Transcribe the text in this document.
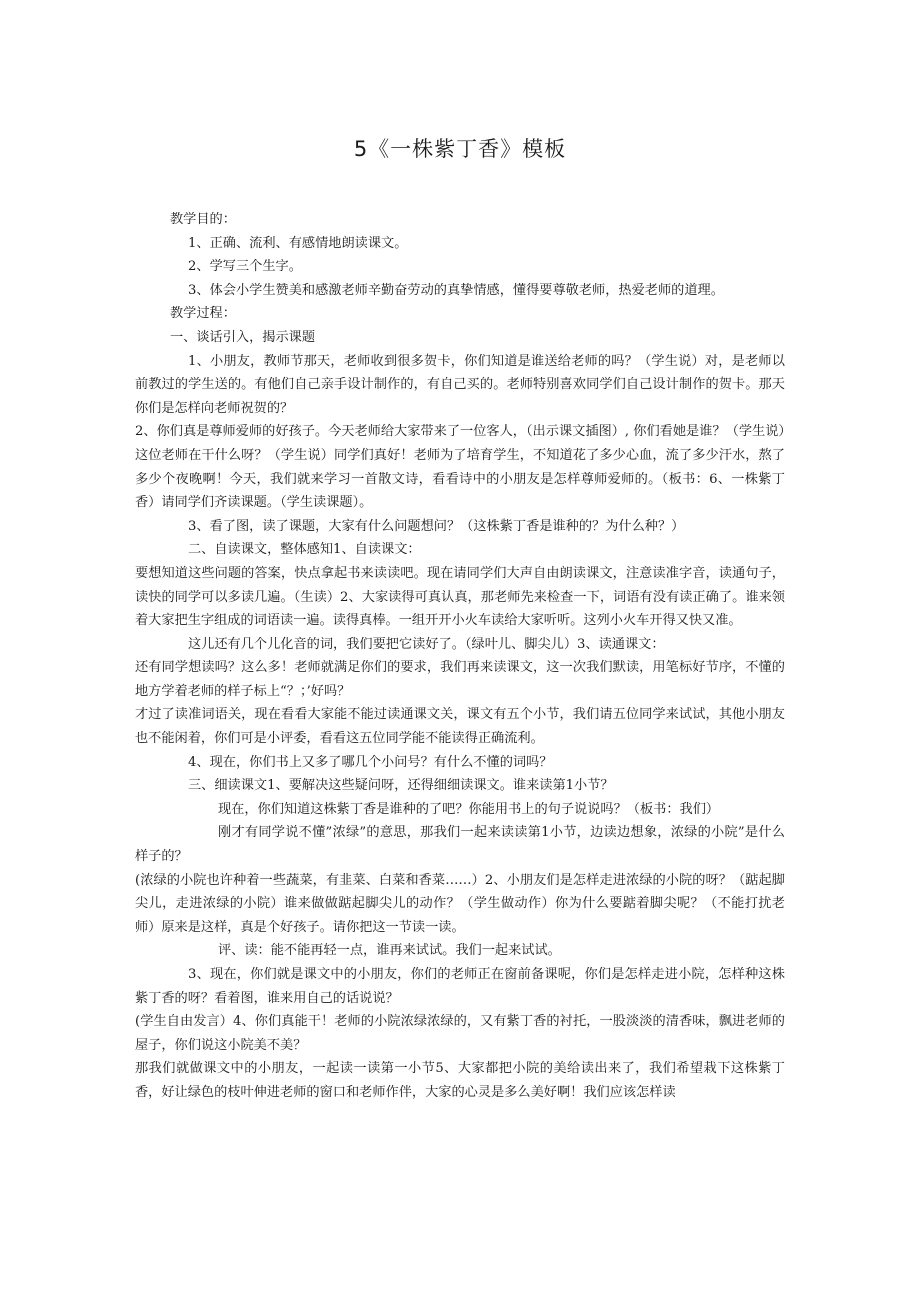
5《一株紫丁香》模板

教学目的：

1、正确、流利、有感情地朗读课文。

2、学写三个生字。

3、体会小学生赞美和感激老师辛勤奋劳动的真挚情感，懂得要尊敬老师，热爱老师的道理。

教学过程：

一、谈话引入，揭示课题

1、小朋友，教师节那天，老师收到很多贺卡，你们知道是谁送给老师的吗？（学生说）对，是老师以前教过的学生送的。有他们自己亲手设计制作的，有自己买的。老师特别喜欢同学们自己设计制作的贺卡。那天你们是怎样向老师祝贺的？

2、你们真是尊师爱师的好孩子。今天老师给大家带来了一位客人，（出示课文插图）, 你们看她是谁？（学生说）这位老师在干什么呀？（学生说）同学们真好！老师为了培育学生，不知道花了多少心血，流了多少汗水，熬了多少个夜晚啊！今天，我们就来学习一首散文诗，看看诗中的小朋友是怎样尊师爱师的。（板书：6、一株紫丁香）请同学们齐读课题。（学生读课题）。

3、看了图，读了课题，大家有什么问题想问？（这株紫丁香是谁种的？为什么种？）

二、自读课文，整体感知1、自读课文：

要想知道这些问题的答案，快点拿起书来读读吧。现在请同学们大声自由朗读课文，注意读准字音，读通句子，读快的同学可以多读几遍。（生读）2、大家读得可真认真，那老师先来检查一下，词语有没有读正确了。谁来领着大家把生字组成的词语读一遍。读得真棒。一组开开小火车读给大家听听。这列小火车开得又快又准。

这儿还有几个儿化音的词，我们要把它读好了。（绿叶儿、脚尖儿）3、读通课文：

还有同学想读吗？这么多！老师就满足你们的要求，我们再来读课文，这一次我们默读，用笔标好节序，不懂的地方学着老师的样子标上“？；’好吗？

才过了读准词语关，现在看看大家能不能过读通课文关，课文有五个小节，我们请五位同学来试试，其他小朋友也不能闲着，你们可是小评委，看看这五位同学能不能读得正确流利。

4、现在，你们书上又多了哪几个小问号？有什么不懂的词吗？

三、细读课文1、要解决这些疑问呀，还得细细读课文。谁来读第1小节？

现在，你们知道这株紫丁香是谁种的了吧？你能用书上的句子说说吗？（板书：我们）

刚才有同学说不懂”浓绿”的意思，那我们一起来读读第1小节，边读边想象，浓绿的小院”是什么样子的？

(浓绿的小院也许种着一些蔬菜，有韭菜、白菜和香菜……）2、小朋友们是怎样走进浓绿的小院的呀？（踮起脚尖儿，走进浓绿的小院）谁来做做踮起脚尖儿的动作？（学生做动作）你为什么要踮着脚尖呢？（不能打扰老师）原来是这样，真是个好孩子。请你把这一节读一读。

评、读：能不能再轻一点，谁再来试试。我们一起来试试。

3、现在，你们就是课文中的小朋友，你们的老师正在窗前备课呢，你们是怎样走进小院，怎样种这株紫丁香的呀？看着图，谁来用自己的话说说？

(学生自由发言）4、你们真能干！老师的小院浓绿浓绿的，又有紫丁香的衬托，一股淡淡的清香味，飘进老师的屋子，你们说这小院美不美？

那我们就做课文中的小朋友，一起读一读第一小节5、大家都把小院的美给读出来了，我们希望栽下这株紫丁香，好让绿色的枝叶伸进老师的窗口和老师作伴，大家的心灵是多么美好啊！我们应该怎样读
